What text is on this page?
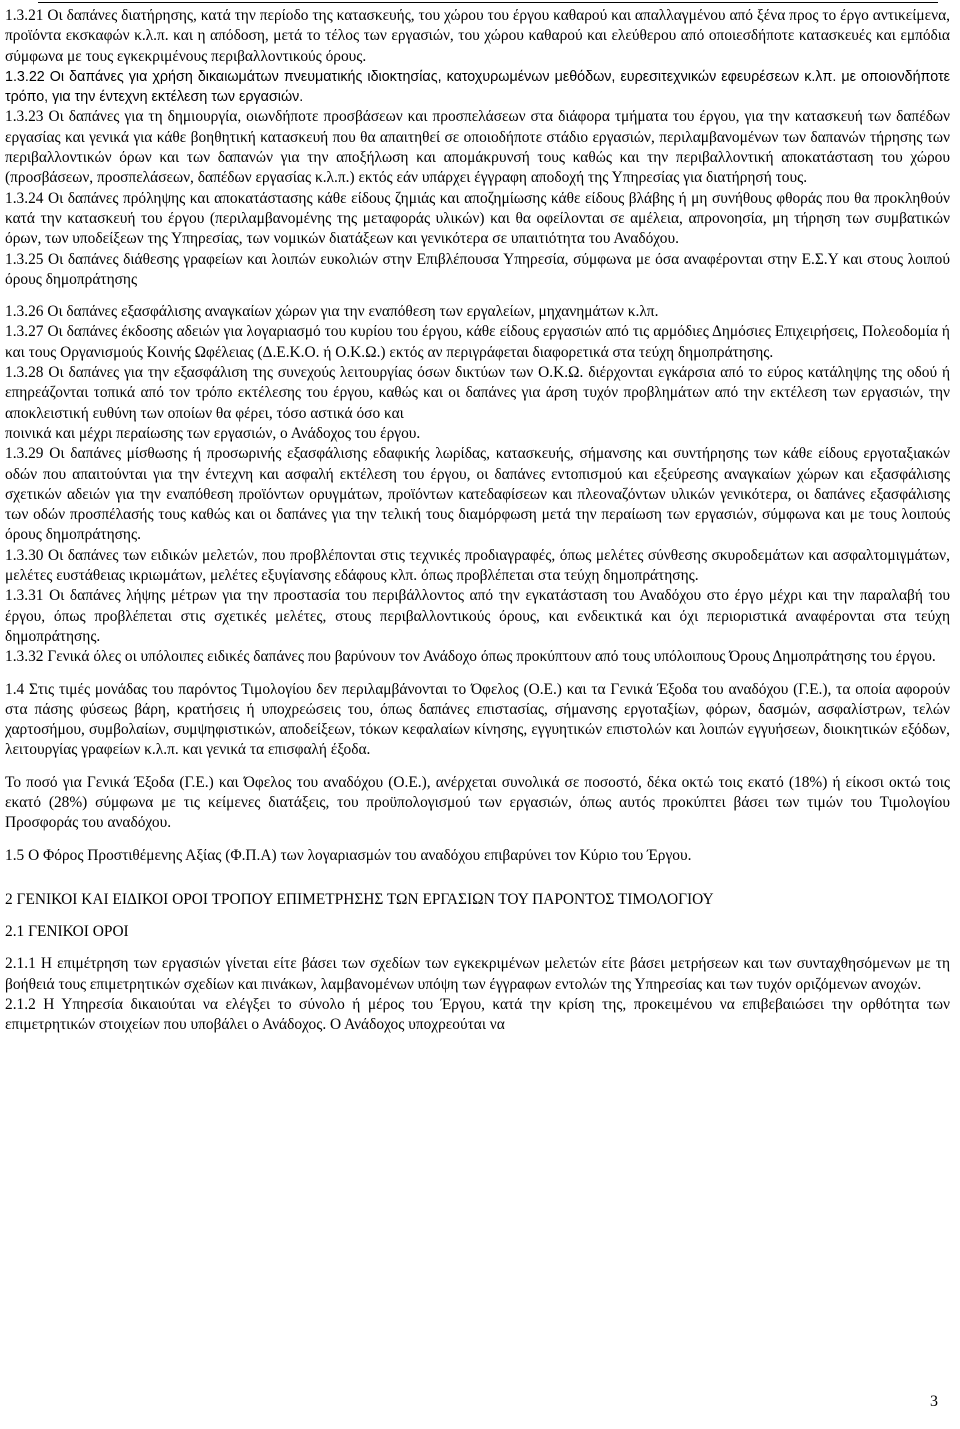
1.3.21 Οι δαπάνες διατήρησης, κατά την περίοδο της κατασκευής, του χώρου του έργου καθαρού και απαλλαγμένου από ξένα προς το έργο αντικείμενα, προϊόντα εκσκαφών κ.λ.π. και η απόδοση, μετά το τέλος των εργασιών, του χώρου καθαρού και ελεύθερου από οποιεσδήποτε κατασκευές και εμπόδια σύμφωνα με τους εγκεκριμένους περιβαλλοντικούς όρους.

1.3.22 Οι δαπάνες για χρήση δικαιωμάτων πνευματικής ιδιοκτησίας, κατοχυρωμένων μεθόδων, ευρεσιτεχνικών εφευρέσεων κ.λπ. με οποιονδήποτε τρόπο, για την έντεχνη εκτέλεση των εργασιών.

1.3.23 Οι δαπάνες για τη δημιουργία, οιωνδήποτε προσβάσεων και προσπελάσεων στα διάφορα τμήματα του έργου, για την κατασκευή των δαπέδων εργασίας και γενικά για κάθε βοηθητική κατασκευή που θα απαιτηθεί σε οποιοδήποτε στάδιο εργασιών, περιλαμβανομένων των δαπανών τήρησης των περιβαλλοντικών όρων και των δαπανών για την αποξήλωση και απομάκρυνσή τους καθώς και την περιβαλλοντική αποκατάσταση του χώρου (προσβάσεων, προσπελάσεων, δαπέδων εργασίας κ.λ.π.) εκτός εάν υπάρχει έγγραφη αποδοχή της Υπηρεσίας για διατήρησή τους.

1.3.24 Οι δαπάνες πρόληψης και αποκατάστασης κάθε είδους ζημιάς και αποζημίωσης κάθε είδους βλάβης ή μη συνήθους φθοράς που θα προκληθούν κατά την κατασκευή του έργου (περιλαμβανομένης της μεταφοράς υλικών) και θα οφείλονται σε αμέλεια, απρονοησία, μη τήρηση των συμβατικών όρων, των υποδείξεων της Υπηρεσίας, των νομικών διατάξεων και γενικότερα σε υπαιτιότητα του Αναδόχου.

1.3.25 Οι δαπάνες διάθεσης γραφείων και λοιπών ευκολιών στην Επιβλέπουσα Υπηρεσία, σύμφωνα με όσα αναφέρονται στην Ε.Σ.Υ και στους λοιπού όρους δημοπράτησης

1.3.26 Οι δαπάνες εξασφάλισης αναγκαίων χώρων για την εναπόθεση των εργαλείων, μηχανημάτων κ.λπ.

1.3.27 Οι δαπάνες έκδοσης αδειών για λογαριασμό του κυρίου του έργου, κάθε είδους εργασιών από τις αρμόδιες Δημόσιες Επιχειρήσεις, Πολεοδομία ή και τους Οργανισμούς Κοινής Ωφέλειας (Δ.Ε.Κ.Ο. ή Ο.Κ.Ω.) εκτός αν περιγράφεται διαφορετικά στα τεύχη δημοπράτησης.

1.3.28 Οι δαπάνες για την εξασφάλιση της συνεχούς λειτουργίας όσων δικτύων των Ο.Κ.Ω. διέρχονται εγκάρσια από το εύρος κατάληψης της οδού ή επηρεάζονται τοπικά από τον τρόπο εκτέλεσης του έργου, καθώς και οι δαπάνες για άρση τυχόν προβλημάτων από την εκτέλεση των εργασιών, την αποκλειστική ευθύνη των οποίων θα φέρει, τόσο αστικά όσο και

ποινικά και μέχρι περαίωσης των εργασιών, ο Ανάδοχος του έργου.

1.3.29 Οι δαπάνες μίσθωσης ή προσωρινής εξασφάλισης εδαφικής λωρίδας, κατασκευής, σήμανσης και συντήρησης των κάθε είδους εργοταξιακών οδών που απαιτούνται για την έντεχνη και ασφαλή εκτέλεση του έργου, οι δαπάνες εντοπισμού και εξεύρεσης αναγκαίων χώρων και εξασφάλισης σχετικών αδειών για την εναπόθεση προϊόντων ορυγμάτων, προϊόντων κατεδαφίσεων και πλεοναζόντων υλικών γενικότερα, οι δαπάνες εξασφάλισης των οδών προσπέλασής τους καθώς και οι δαπάνες για την τελική τους διαμόρφωση μετά την περαίωση των εργασιών, σύμφωνα και με τους λοιπούς όρους δημοπράτησης.

1.3.30 Οι δαπάνες των ειδικών μελετών, που προβλέπονται στις τεχνικές προδιαγραφές, όπως μελέτες σύνθεσης σκυροδεμάτων και ασφαλτομιγμάτων, μελέτες ευστάθειας ικριωμάτων, μελέτες εξυγίανσης εδάφους κλπ. όπως προβλέπεται στα τεύχη δημοπράτησης.

1.3.31 Οι δαπάνες λήψης μέτρων για την προστασία του περιβάλλοντος από την εγκατάσταση του Αναδόχου στο έργο μέχρι και την παραλαβή του έργου, όπως προβλέπεται στις σχετικές μελέτες, στους περιβαλλοντικούς όρους, και ενδεικτικά και όχι περιοριστικά αναφέρονται στα τεύχη δημοπράτησης.

1.3.32 Γενικά όλες οι υπόλοιπες ειδικές δαπάνες που βαρύνουν τον Ανάδοχο όπως προκύπτουν από τους υπόλοιπους Όρους Δημοπράτησης του έργου.

1.4 Στις τιμές μονάδας του παρόντος Τιμολογίου δεν περιλαμβάνονται το Όφελος (Ο.Ε.) και τα Γενικά Έξοδα του αναδόχου (Γ.Ε.), τα οποία αφορούν στα πάσης φύσεως βάρη, κρατήσεις ή υποχρεώσεις του, όπως δαπάνες επιστασίας, σήμανσης εργοταξίων, φόρων, δασμών, ασφαλίστρων, τελών χαρτοσήμου, συμβολαίων, συμψηφιστικών, αποδείξεων, τόκων κεφαλαίων κίνησης, εγγυητικών επιστολών και λοιπών εγγυήσεων, διοικητικών εξόδων, λειτουργίας γραφείων κ.λ.π. και γενικά τα επισφαλή έξοδα.

Το ποσό για Γενικά Έξοδα (Γ.Ε.) και Όφελος του αναδόχου (Ο.Ε.), ανέρχεται συνολικά σε ποσοστό, δέκα οκτώ τοις εκατό (18%) ή είκοσι οκτώ τοις εκατό (28%) σύμφωνα με τις κείμενες διατάξεις, του προϋπολογισμού των εργασιών, όπως αυτός προκύπτει βάσει των τιμών του Τιμολογίου Προσφοράς του αναδόχου.

1.5 Ο Φόρος Προστιθέμενης Αξίας (Φ.Π.Α) των λογαριασμών του αναδόχου επιβαρύνει τον Κύριο του Έργου.

2 ΓΕΝΙΚΟΙ ΚΑΙ ΕΙΔΙΚΟΙ ΟΡΟΙ ΤΡΟΠΟΥ ΕΠΙΜΕΤΡΗΣΗΣ ΤΩΝ ΕΡΓΑΣΙΩΝ ΤΟΥ ΠΑΡΟΝΤΟΣ ΤΙΜΟΛΟΓΙΟΥ

2.1 ΓΕΝΙΚΟΙ ΟΡΟΙ

2.1.1 Η επιμέτρηση των εργασιών γίνεται είτε βάσει των σχεδίων των εγκεκριμένων μελετών είτε βάσει μετρήσεων και των συνταχθησόμενων με τη βοήθειά τους επιμετρητικών σχεδίων και πινάκων, λαμβανομένων υπόψη των έγγραφων εντολών της Υπηρεσίας και των τυχόν οριζόμενων ανοχών.

2.1.2 Η Υπηρεσία δικαιούται να ελέγξει το σύνολο ή μέρος του Έργου, κατά την κρίση της, προκειμένου να επιβεβαιώσει την ορθότητα των επιμετρητικών στοιχείων που υποβάλει ο Ανάδοχος. Ο Ανάδοχος υποχρεούται να

3
